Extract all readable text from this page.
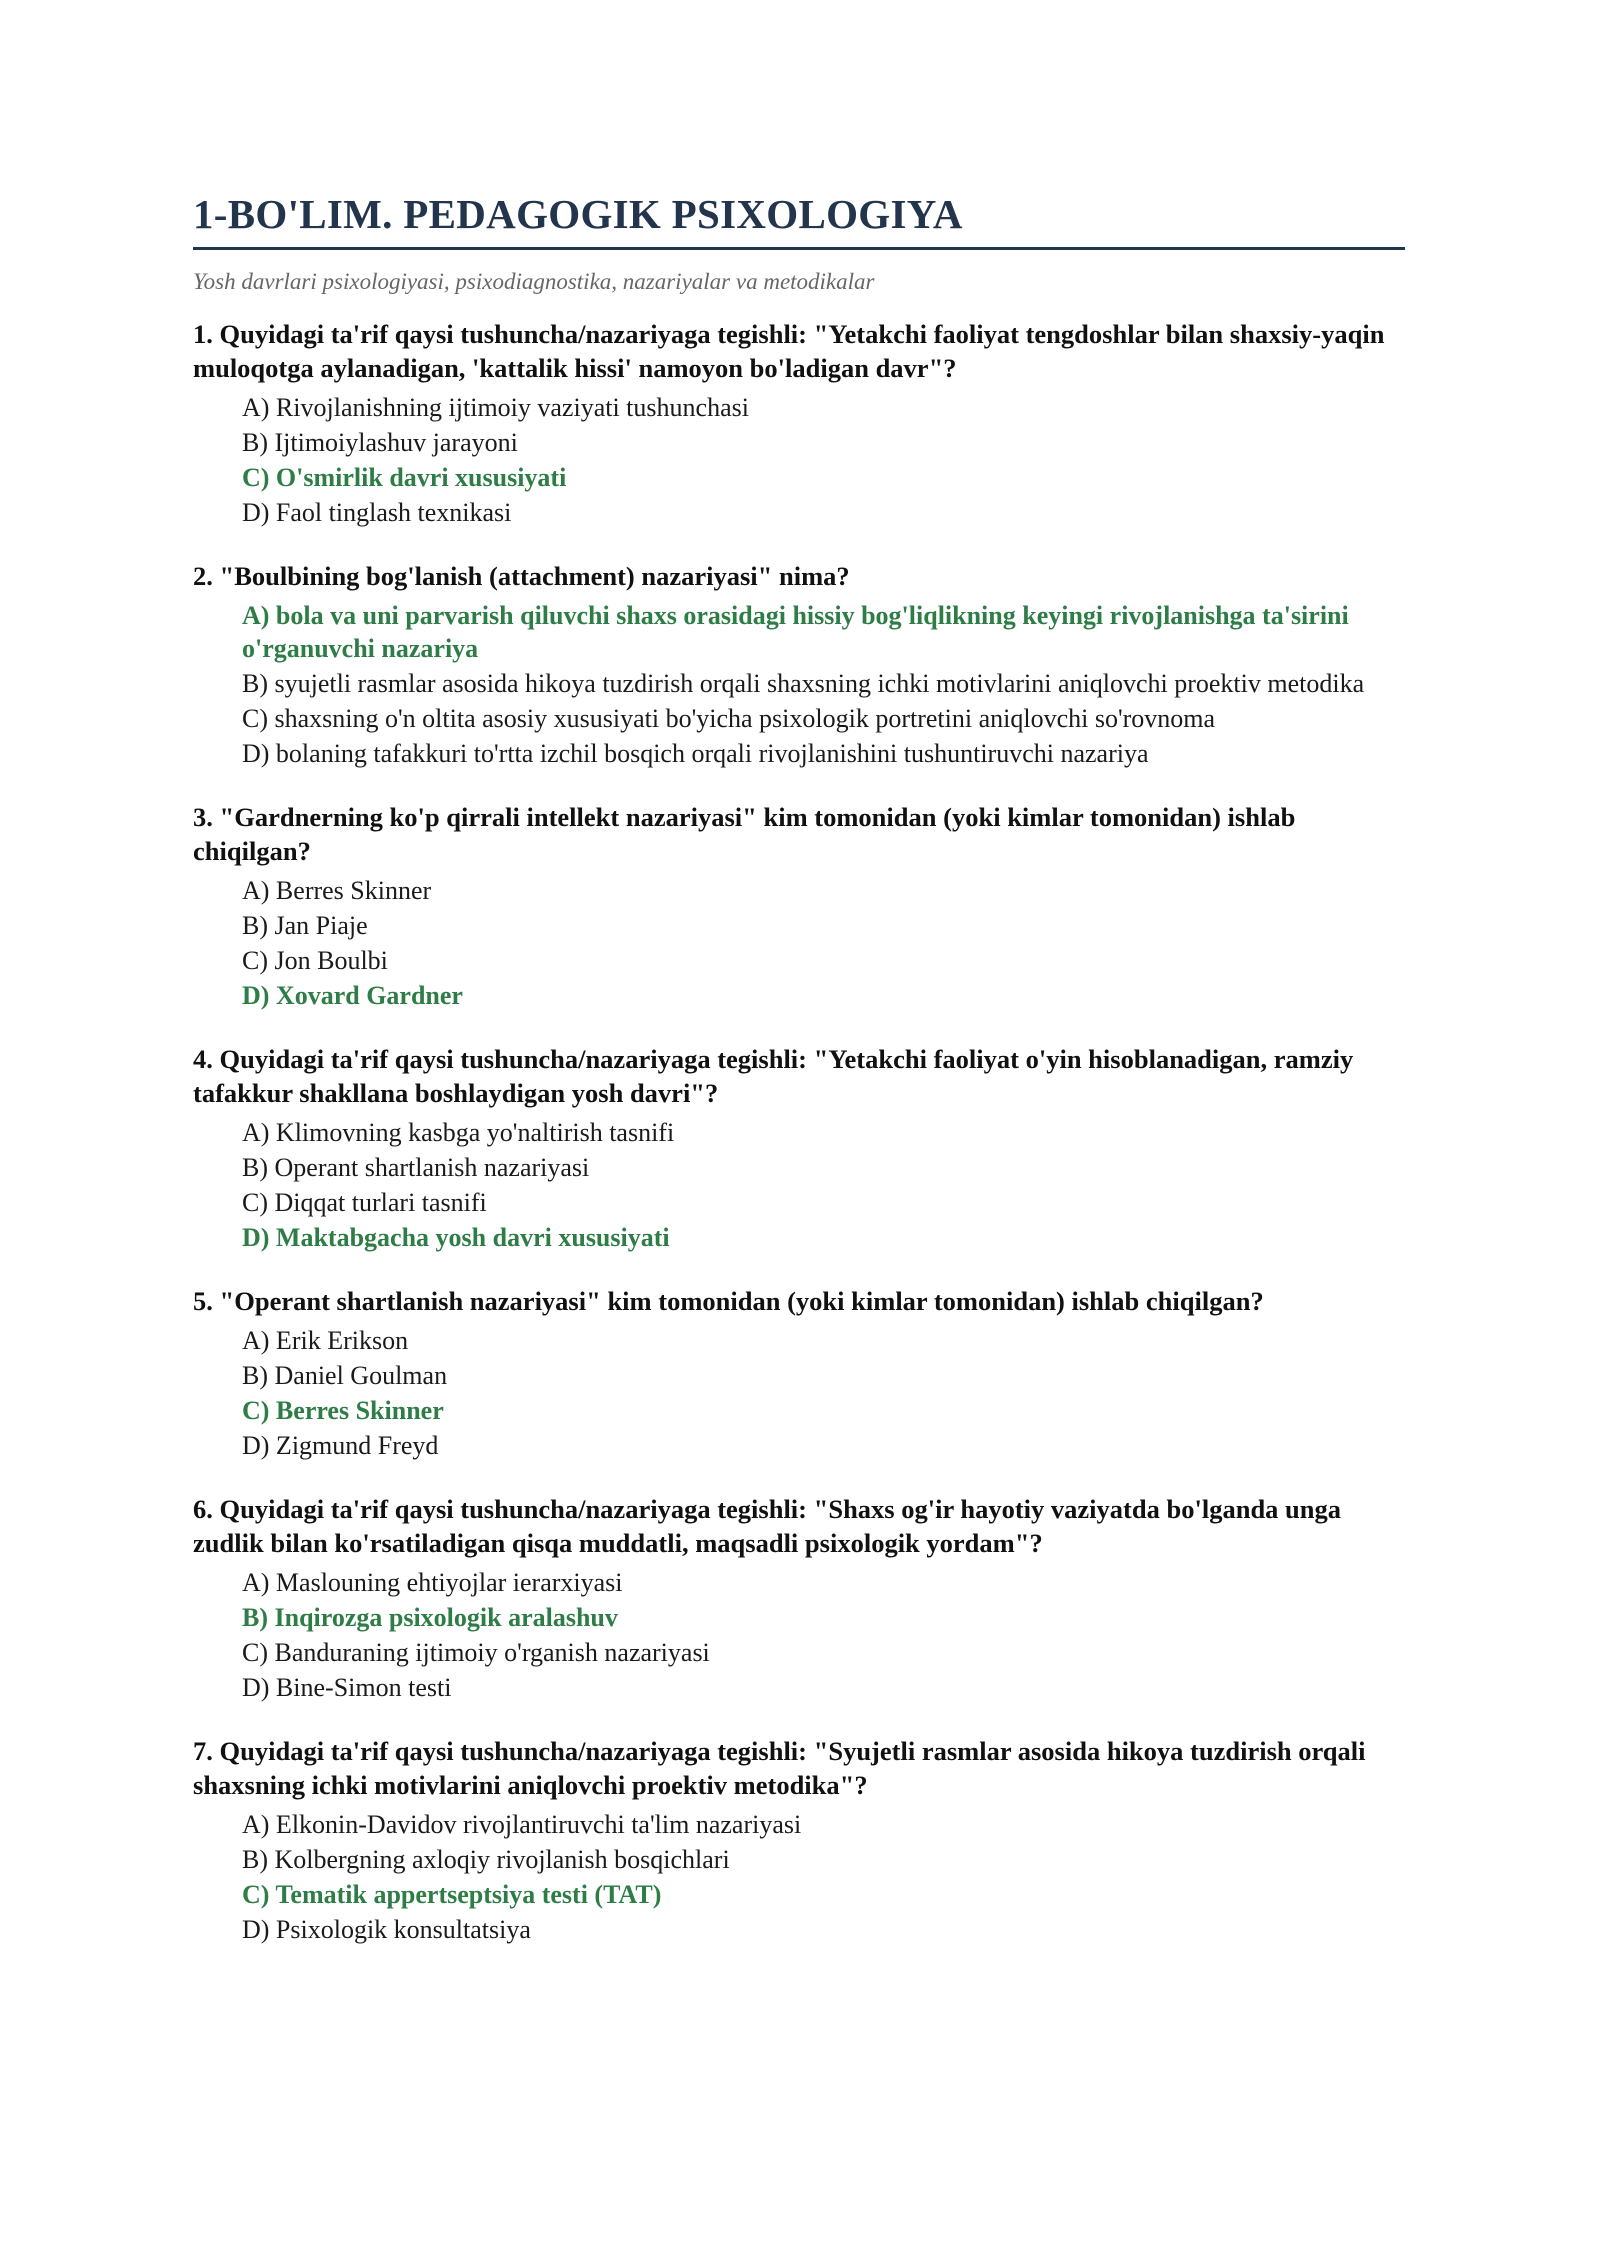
1-BO'LIM. PEDAGOGIK PSIXOLOGIYA
Yosh davrlari psixologiyasi, psixodiagnostika, nazariyalar va metodikalar
1. Quyidagi ta'rif qaysi tushuncha/nazariyaga tegishli: "Yetakchi faoliyat tengdoshlar bilan shaxsiy-yaqin muloqotga aylanadigan, 'kattalik hissi' namoyon bo'ladigan davr"?
A) Rivojlanishning ijtimoiy vaziyati tushunchasi
B) Ijtimoiylashuv jarayoni
C) O'smirlik davri xususiyati
D) Faol tinglash texnikasi
2. "Boulbining bog'lanish (attachment) nazariyasi" nima?
A) bola va uni parvarish qiluvchi shaxs orasidagi hissiy bog'liqlikning keyingi rivojlanishga ta'sirini o'rganuvchi nazariya
B) syujetli rasmlar asosida hikoya tuzdirish orqali shaxsning ichki motivlarini aniqlovchi proektiv metodika
C) shaxsning o'n oltita asosiy xususiyati bo'yicha psixologik portretini aniqlovchi so'rovnoma
D) bolaning tafakkuri to'rtta izchil bosqich orqali rivojlanishini tushuntiruvchi nazariya
3. "Gardnerning ko'p qirrali intellekt nazariyasi" kim tomonidan (yoki kimlar tomonidan) ishlab chiqilgan?
A) Berres Skinner
B) Jan Piaje
C) Jon Boulbi
D) Xovard Gardner
4. Quyidagi ta'rif qaysi tushuncha/nazariyaga tegishli: "Yetakchi faoliyat o'yin hisoblanadigan, ramziy tafakkur shakllana boshlaydigan yosh davri"?
A) Klimovning kasbga yo'naltirish tasnifi
B) Operant shartlanish nazariyasi
C) Diqqat turlari tasnifi
D) Maktabgacha yosh davri xususiyati
5. "Operant shartlanish nazariyasi" kim tomonidan (yoki kimlar tomonidan) ishlab chiqilgan?
A) Erik Erikson
B) Daniel Goulman
C) Berres Skinner
D) Zigmund Freyd
6. Quyidagi ta'rif qaysi tushuncha/nazariyaga tegishli: "Shaxs og'ir hayotiy vaziyatda bo'lganda unga zudlik bilan ko'rsatiladigan qisqa muddatli, maqsadli psixologik yordam"?
A) Maslouning ehtiyojlar ierarxiyasi
B) Inqirozga psixologik aralashuv
C) Banduraning ijtimoiy o'rganish nazariyasi
D) Bine-Simon testi
7. Quyidagi ta'rif qaysi tushuncha/nazariyaga tegishli: "Syujetli rasmlar asosida hikoya tuzdirish orqali shaxsning ichki motivlarini aniqlovchi proektiv metodika"?
A) Elkonin-Davidov rivojlantiruvchi ta'lim nazariyasi
B) Kolbergning axloqiy rivojlanish bosqichlari
C) Tematik appertseptsiya testi (TAT)
D) Psixologik konsultatsiya
